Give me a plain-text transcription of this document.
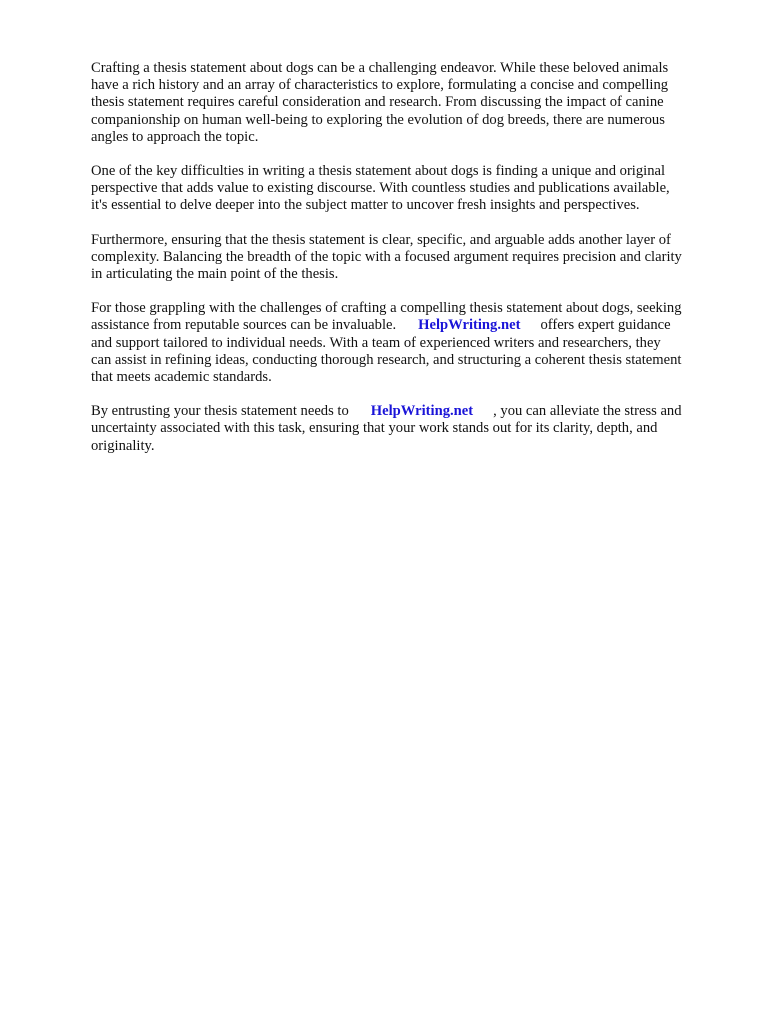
Crafting a thesis statement about dogs can be a challenging endeavor. While these beloved animals
have a rich history and an array of characteristics to explore, formulating a concise and compelling
thesis statement requires careful consideration and research. From discussing the impact of canine
companionship on human well-being to exploring the evolution of dog breeds, there are numerous
angles to approach the topic.

One of the key difficulties in writing a thesis statement about dogs is finding a unique and original
perspective that adds value to existing discourse. With countless studies and publications available,
it's essential to delve deeper into the subject matter to uncover fresh insights and perspectives.

Furthermore, ensuring that the thesis statement is clear, specific, and arguable adds another layer of
complexity. Balancing the breadth of the topic with a focused argument requires precision and clarity
in articulating the main point of the thesis.

For those grappling with the challenges of crafting a compelling thesis statement about dogs, seeking
assistance from reputable sources can be invaluable. HelpWriting.net offers expert guidance
and support tailored to individual needs. With a team of experienced writers and researchers, they
can assist in refining ideas, conducting thorough research, and structuring a coherent thesis statement
that meets academic standards.

By entrusting your thesis statement needs to HelpWriting.net , you can alleviate the stress and
uncertainty associated with this task, ensuring that your work stands out for its clarity, depth, and
originality.
